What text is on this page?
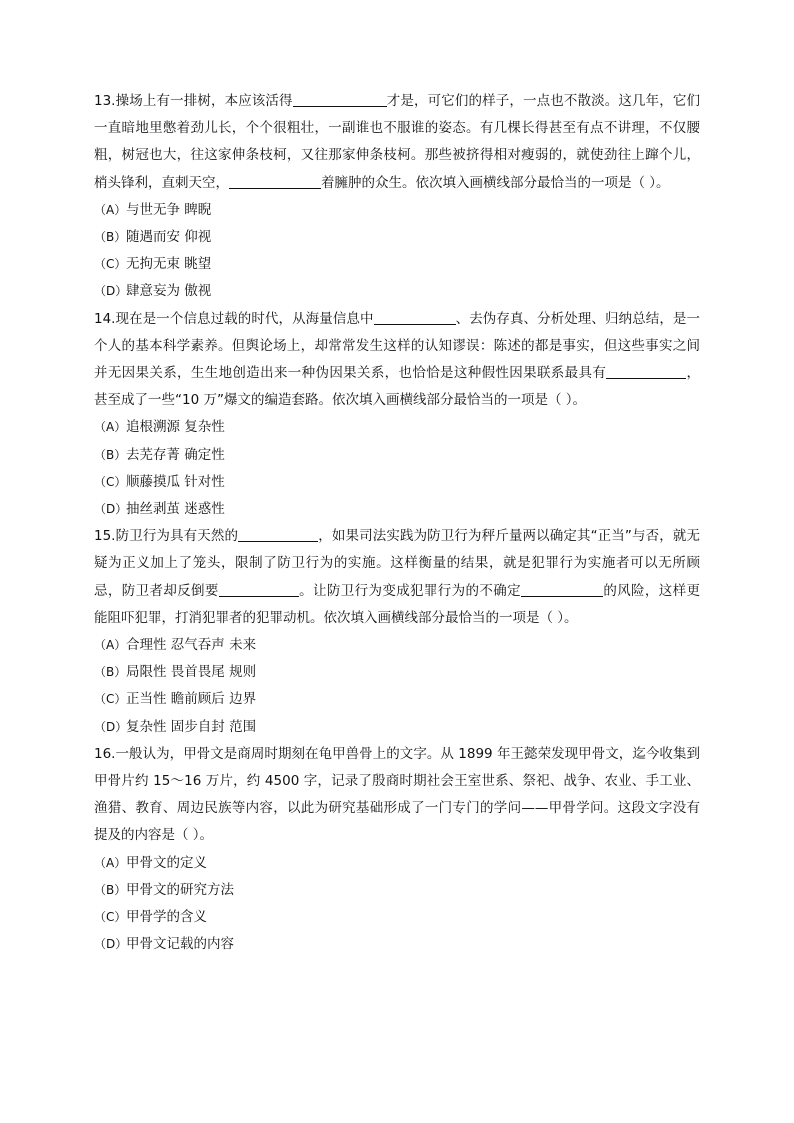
13.操场上有一排树，本应该活得	才是，可它们的样子，一点也不散淡。这几年，它们一直暗地里憋着劲儿长，个个很粗壮，一副谁也不服谁的姿态。有几棵长得甚至有点不讲理，不仅腰粗，树冠也大，往这家伸条枝柯，又往那家伸条枝柯。那些被挤得相对瘦弱的，就使劲往上蹿个儿，梢头锋利，直刺天空，	着臃肿的众生。依次填入画横线部分最恰当的一项是（ ）。

（A）与世无争 睥睨
（B）随遇而安 仰视
（C）无拘无束 眺望
（D）肆意妄为 傲视

14.现在是一个信息过载的时代，从海量信息中	、去伪存真、分析处理、归纳总结，是一个人的基本科学素养。但舆论场上，却常常发生这样的认知谬误：陈述的都是事实，但这些事实之间并无因果关系，生生地创造出来一种伪因果关系，也恰恰是这种假性因果联系最具有	，甚至成了一些“10 万”爆文的编造套路。依次填入画横线部分最恰当的一项是（ ）。

（A）追根溯源 复杂性
（B）去芜存菁 确定性
（C）顺藤摸瓜 针对性
（D）抽丝剥茧 迷惑性

15.防卫行为具有天然的	，如果司法实践为防卫行为秤斤量两以确定其“正当”与否，就无疑为正义加上了笼头，限制了防卫行为的实施。这样衡量的结果，就是犯罪行为实施者可以无所顾忌，防卫者却反倒要	。让防卫行为变成犯罪行为的不确定	的风险，这样更能阻吓犯罪，打消犯罪者的犯罪动机。依次填入画横线部分最恰当的一项是（ ）。

（A）合理性 忍气吞声 未来
（B）局限性 畏首畏尾 规则
（C）正当性 瞻前顾后 边界
（D）复杂性 固步自封 范围

16.一般认为，甲骨文是商周时期刻在龟甲兽骨上的文字。从 1899 年王懿荣发现甲骨文，迄今收集到甲骨片约 15～16 万片，约 4500 字，记录了殷商时期社会王室世系、祭祀、战争、农业、手工业、渔猎、教育、周边民族等内容，以此为研究基础形成了一门专门的学问——甲骨学问。这段文字没有提及的内容是（ ）。

（A）甲骨文的定义
（B）甲骨文的研究方法
（C）甲骨学的含义
（D）甲骨文记载的内容
